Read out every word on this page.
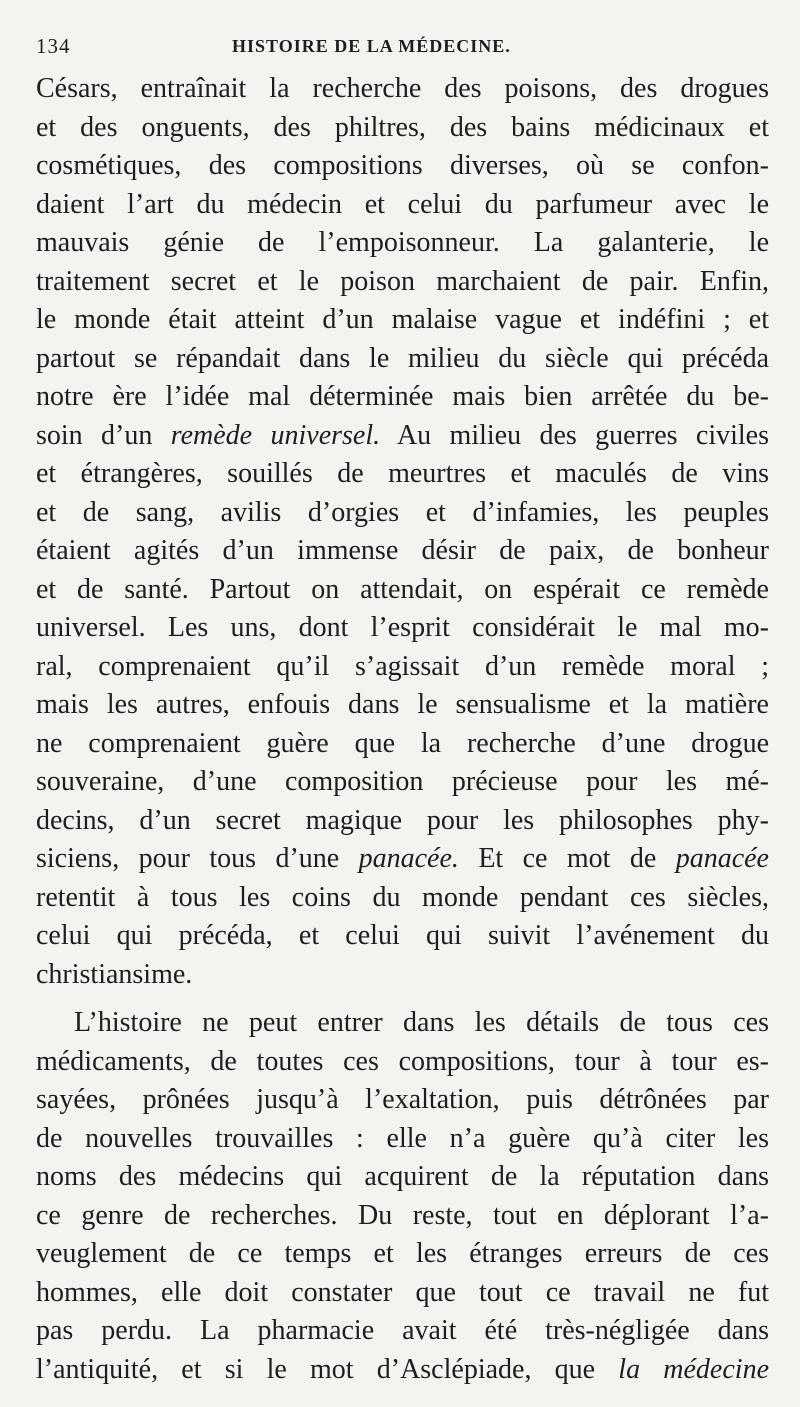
134	HISTOIRE DE LA MÉDECINE.
Césars, entraînait la recherche des poisons, des drogues
et des onguents, des philtres, des bains médicinaux et
cosmétiques, des compositions diverses, où se confon-
daient l’art du médecin et celui du parfumeur avec le
mauvais génie de l’empoisonneur. La galanterie, le
traitement secret et le poison marchaient de pair. Enfin,
le monde était atteint d’un malaise vague et indéfini ; et
partout se répandait dans le milieu du siècle qui précéda
notre ère l’idée mal déterminée mais bien arrêtée du be-
soin d’un remède universel. Au milieu des guerres civiles
et étrangères, souillés de meurtres et maculés de vins
et de sang, avilis d’orgies et d’infamies, les peuples
étaient agités d’un immense désir de paix, de bonheur
et de santé. Partout on attendait, on espérait ce remède
universel. Les uns, dont l’esprit considérait le mal mo-
ral, comprenaient qu’il s’agissait d’un remède moral ;
mais les autres, enfouis dans le sensualisme et la matière
ne comprenaient guère que la recherche d’une drogue
souveraine, d’une composition précieuse pour les mé-
decins, d’un secret magique pour les philosophes phy-
siciens, pour tous d’une panacée. Et ce mot de panacée
retentit à tous les coins du monde pendant ces siècles,
celui qui précéda, et celui qui suivit l’avénement du
christiansime.
L’histoire ne peut entrer dans les détails de tous ces
médicaments, de toutes ces compositions, tour à tour es-
sayées, prônées jusqu’à l’exaltation, puis détrônées par
de nouvelles trouvailles : elle n’a guère qu’à citer les
noms des médecins qui acquirent de la réputation dans
ce genre de recherches. Du reste, tout en déplorant l’a-
veuglement de ce temps et les étranges erreurs de ces
hommes, elle doit constater que tout ce travail ne fut
pas perdu. La pharmacie avait été très-négligée dans
l’antiquité, et si le mot d’Asclépiade, que la médecine
